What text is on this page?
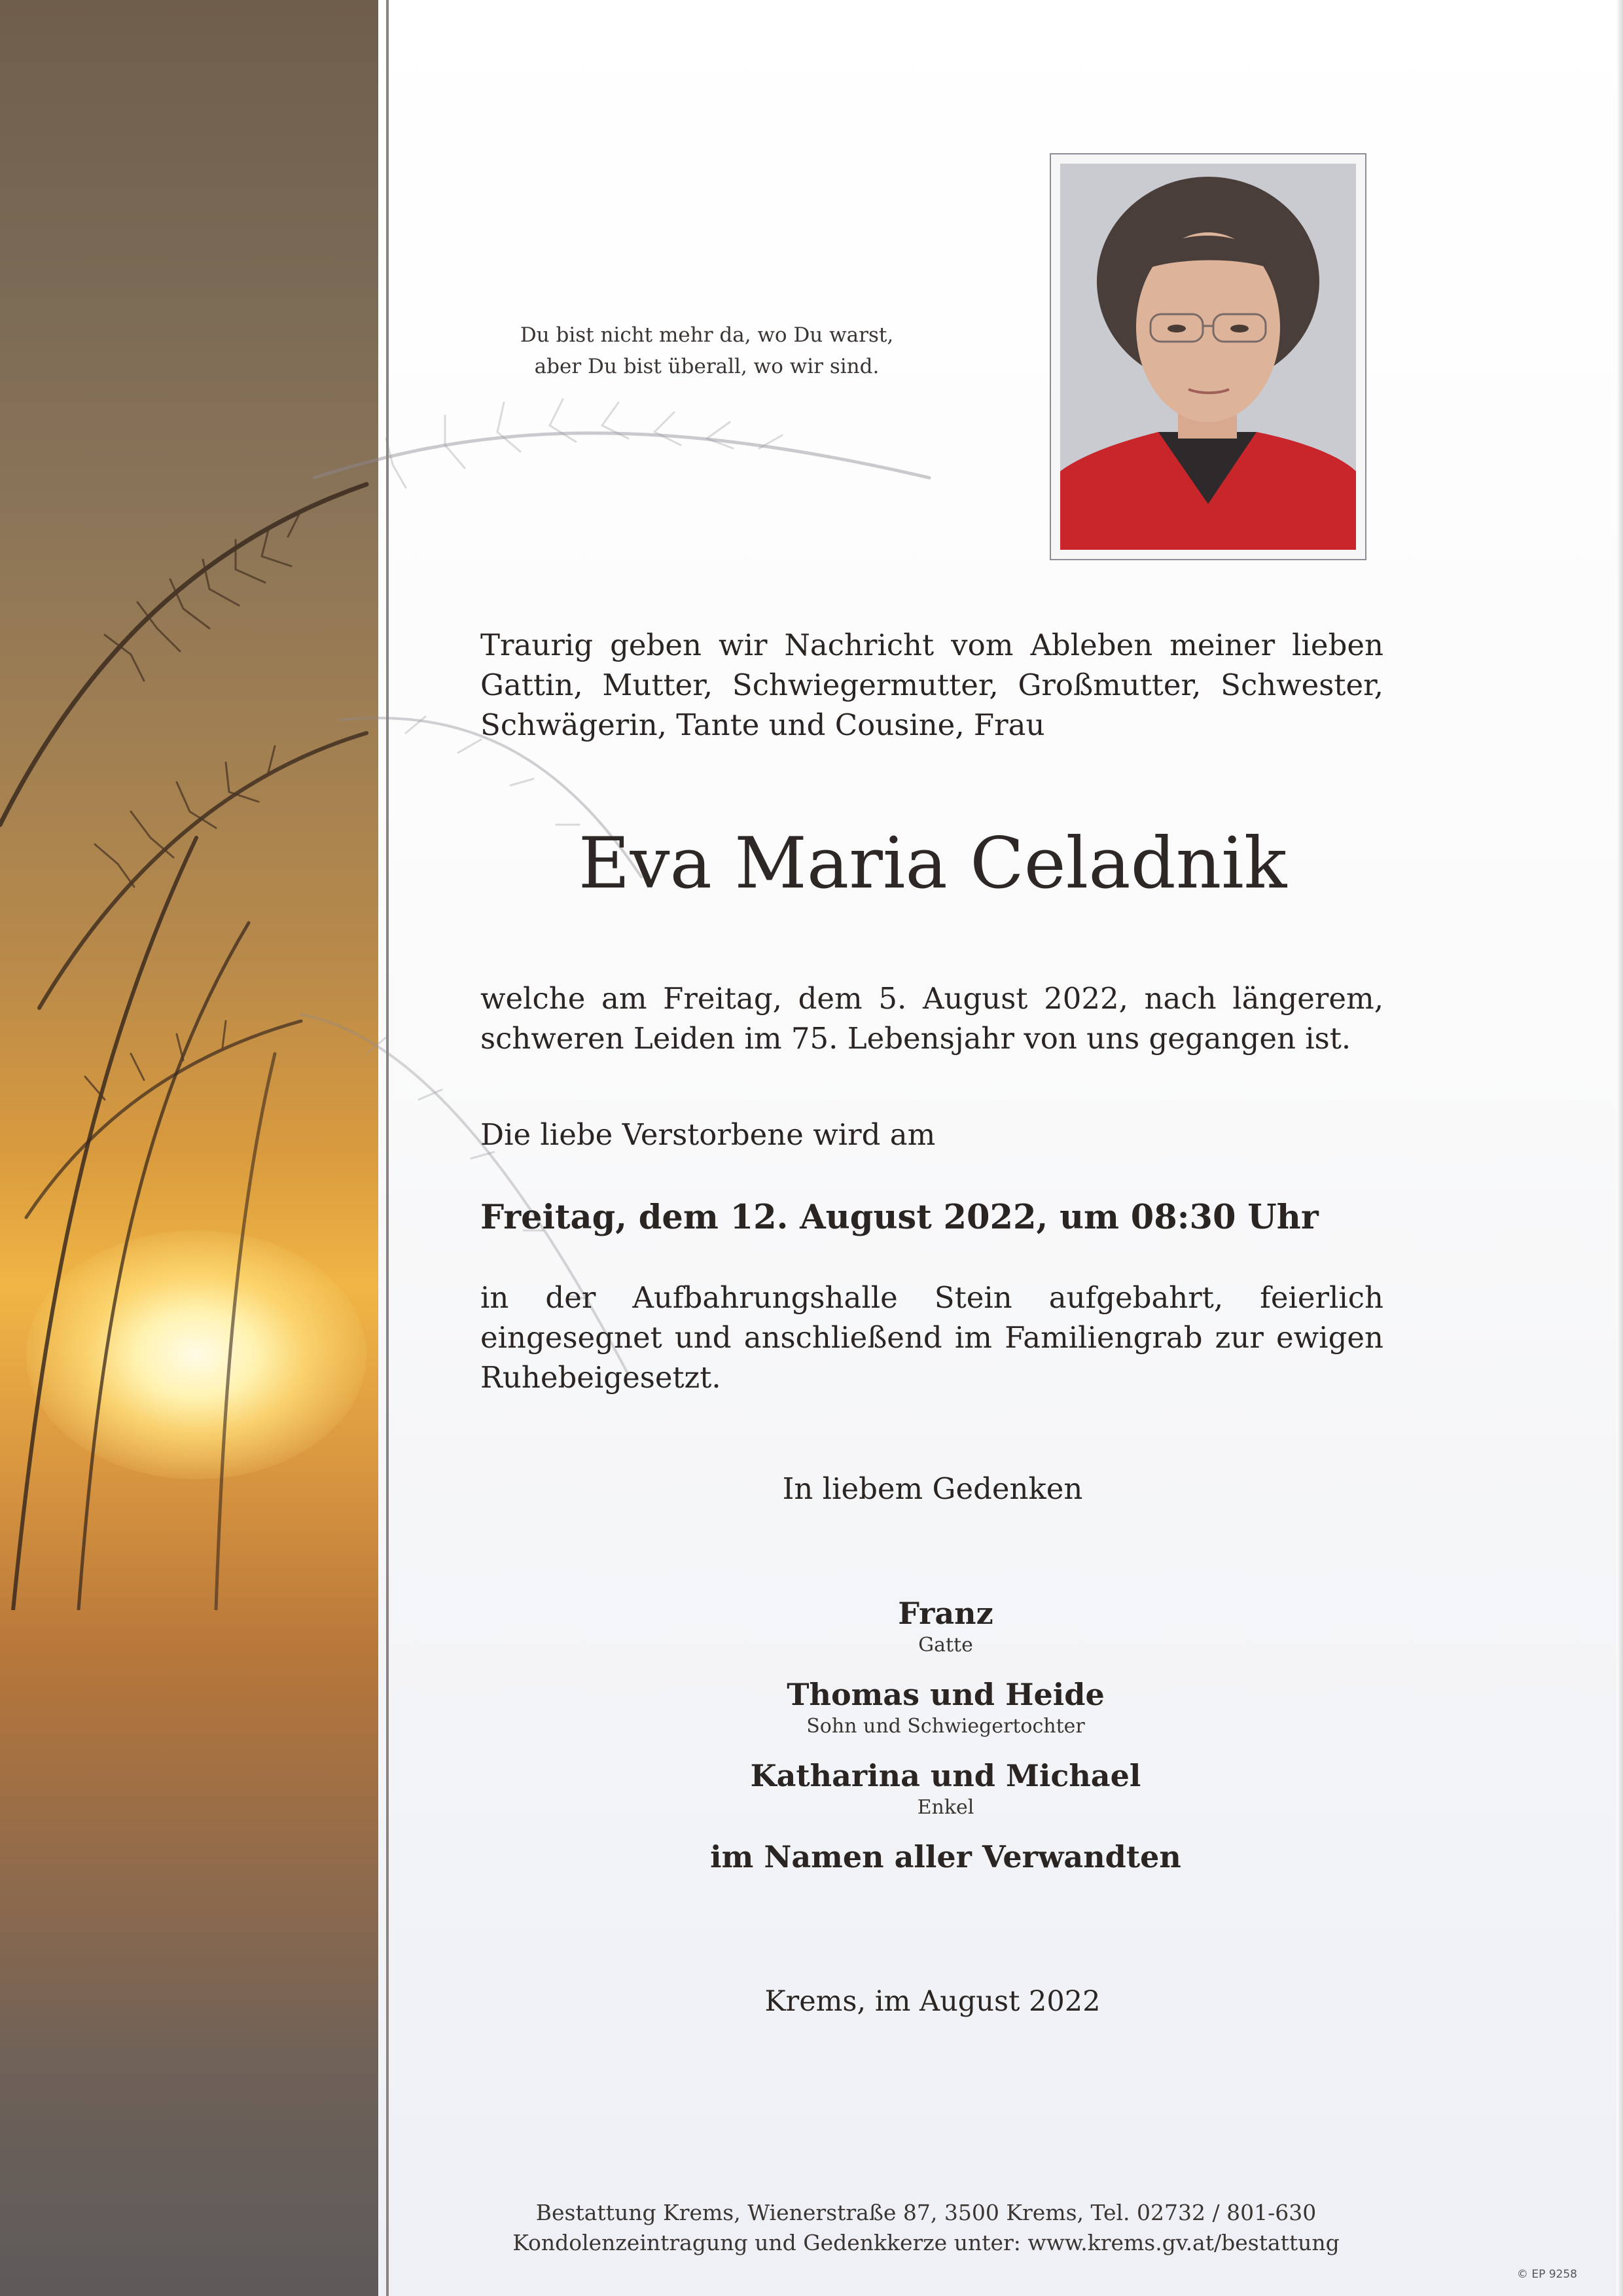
Du bist nicht mehr da, wo Du warst,
aber Du bist überall, wo wir sind.

Traurig geben wir Nachricht vom Ableben meiner lieben Gattin, Mutter, Schwiegermutter, Großmutter, Schwester, Schwägerin, Tante und Cousine, Frau

Eva Maria Celadnik

welche am Freitag, dem 5. August 2022, nach längerem, schweren Leiden im 75. Lebensjahr von uns gegangen ist.

Die liebe Verstorbene wird am

Freitag, dem 12. August 2022, um 08:30 Uhr

in der Aufbahrungshalle Stein aufgebahrt, feierlich eingesegnet und anschließend im Familiengrab zur ewigen Ruhebeigesetzt.

In liebem Gedenken

Franz
Gatte
Thomas und Heide
Sohn und Schwiegertochter
Katharina und Michael
Enkel
im Namen aller Verwandten

Krems, im August 2022

Bestattung Krems, Wienerstraße 87, 3500 Krems, Tel. 02732 / 801-630
Kondolenzeintragung und Gedenkkerze unter: www.krems.gv.at/bestattung

© EP 9258
